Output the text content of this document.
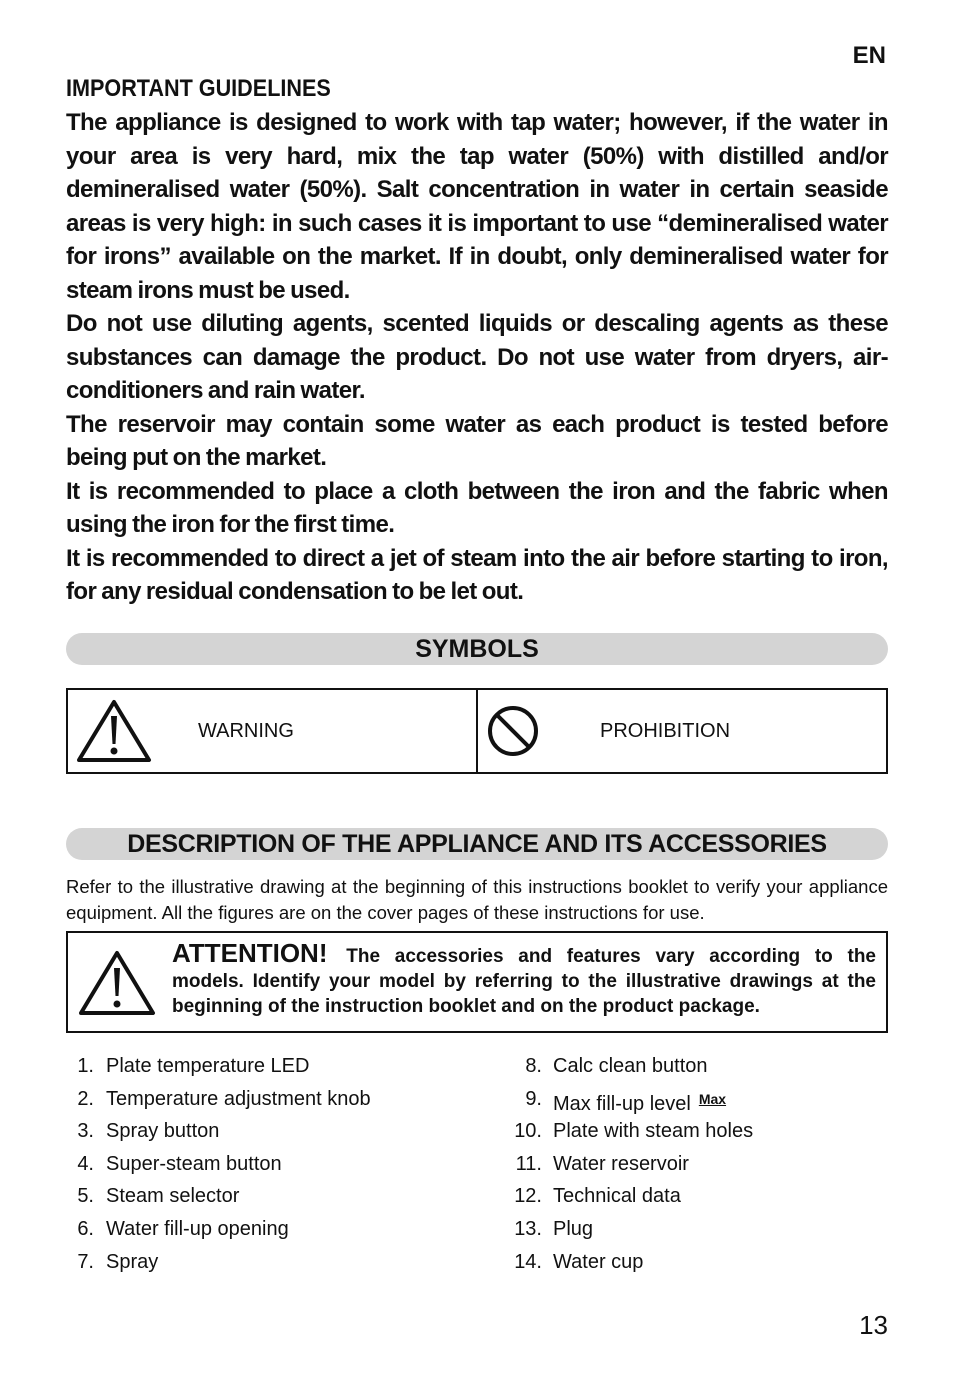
EN
IMPORTANT GUIDELINES

The appliance is designed to work with tap water; however, if the water in your area is very hard, mix the tap water (50%) with distilled and/or demineralised water (50%). Salt concentration in water in certain seaside areas is very high: in such cases it is important to use “demineralised water for irons” available on the market. If in doubt, only demineralised water for steam irons must be used.

Do not use diluting agents, scented liquids or descaling agents as these substances can damage the product. Do not use water from dryers, air-conditioners and rain water.

The reservoir may contain some water as each product is tested before being put on the market.

It is recommended to place a cloth between the iron and the fabric when using the iron for the first time.

It is recommended to direct a jet of steam into the air before starting to iron, for any residual condensation to be let out.

SYMBOLS
WARNING	PROHIBITION
DESCRIPTION OF THE APPLIANCE AND ITS ACCESSORIES

Refer to the illustrative drawing at the beginning of this instructions booklet to verify your appliance equipment. All the figures are on the cover pages of these instructions for use.

ATTENTION! The accessories and features vary according to the models. Identify your model by referring to the illustrative drawings at the beginning of the instruction booklet and on the product package.

1. Plate temperature LED
2. Temperature adjustment knob
3. Spray button
4. Super-steam button
5. Steam selector
6. Water fill-up opening
7. Spray
8. Calc clean button
9. Max fill-up level $^{Max}$
10. Plate with steam holes
11. Water reservoir
12. Technical data
13. Plug
14. Water cup
13
